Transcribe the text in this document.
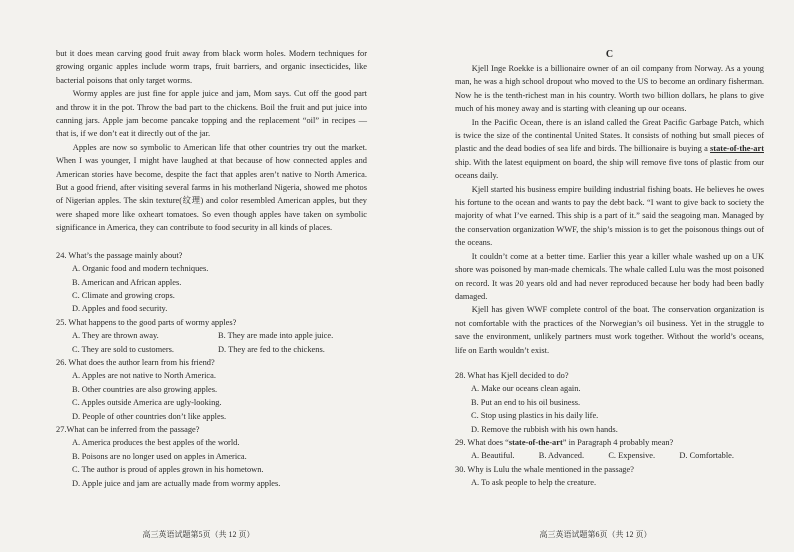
but it does mean carving good fruit away from black worm holes. Modern techniques for growing organic apples include worm traps, fruit barriers, and organic insecticides, like bacterial poisons that only target worms.

Wormy apples are just fine for apple juice and jam, Mom says. Cut off the good part and throw it in the pot. Throw the bad part to the chickens. Boil the fruit and put juice into canning jars. Apple jam become pancake topping and the replacement “oil” in recipes — that is, if we don’t eat it directly out of the jar.

Apples are now so symbolic to American life that other countries try out the market. When I was younger, I might have laughed at that because of how connected apples and American stories have become, despite the fact that apples aren’t native to North America. But a good friend, after visiting several farms in his motherland Nigeria, showed me photos of Nigerian apples. The skin texture(纹理) and color resembled American apples, but they were shaped more like oxheart tomatoes. So even though apples have taken on symbolic significance in America, they can contribute to food security in all kinds of places.

24. What’s the passage mainly about?

A. Organic food and modern techniques.

B. American and African apples.

C. Climate and growing crops.

D. Apples and food security.

25. What happens to the good parts of wormy apples?

A. They are thrown away.	B. They are made into apple juice.
C. They are sold to customers.	D. They are fed to the chickens.

26. What does the author learn from his friend?

A. Apples are not native to North America.

B. Other countries are also growing apples.

C. Apples outside America are ugly-looking.

D. People of other countries don’t like apples.

27.What can be inferred from the passage?

A. America produces the best apples of the world.

B. Poisons are no longer used on apples in America.

C. The author is proud of apples grown in his hometown.

D. Apple juice and jam are actually made from wormy apples.

高三英语试题第5页（共 12 页）
C

Kjell Inge Roekke is a billionaire owner of an oil company from Norway. As a young man, he was a high school dropout who moved to the US to become an ordinary fisherman. Now he is the tenth-richest man in his country. Worth two billion dollars, he plans to give much of his money away and is starting with cleaning up our oceans.

In the Pacific Ocean, there is an island called the Great Pacific Garbage Patch, which is twice the size of the continental United States. It consists of nothing but small pieces of plastic and the dead bodies of sea life and birds. The billionaire is buying a state-of-the-art ship. With the latest equipment on board, the ship will remove five tons of plastic from our oceans daily.

Kjell started his business empire building industrial fishing boats. He believes he owes his fortune to the ocean and wants to pay the debt back. “I want to give back to society the majority of what I’ve earned. This ship is a part of it.” said the seagoing man. Managed by the conservation organization WWF, the ship’s mission is to get the poisonous things out of the oceans.

It couldn’t come at a better time. Earlier this year a killer whale washed up on a UK shore was poisoned by man-made chemicals. The whale called Lulu was the most poisoned on record. It was 20 years old and had never reproduced because her body had been badly damaged.

Kjell has given WWF complete control of the boat. The conservation organization is not comfortable with the practices of the Norwegian’s oil business. Yet in the struggle to save the environment, unlikely partners must work together. Without the world’s oceans, life on Earth wouldn’t exist.

28. What has Kjell decided to do?

A. Make our oceans clean again.

B. Put an end to his oil business.

C. Stop using plastics in his daily life.

D. Remove the rubbish with his own hands.

29. What does “state-of-the-art” in Paragraph 4 probably mean?

A. Beautiful.	B. Advanced.	C. Expensive.	D. Comfortable.

30. Why is Lulu the whale mentioned in the passage?

A. To ask people to help the creature.

高三英语试题第6页（共 12 页）
